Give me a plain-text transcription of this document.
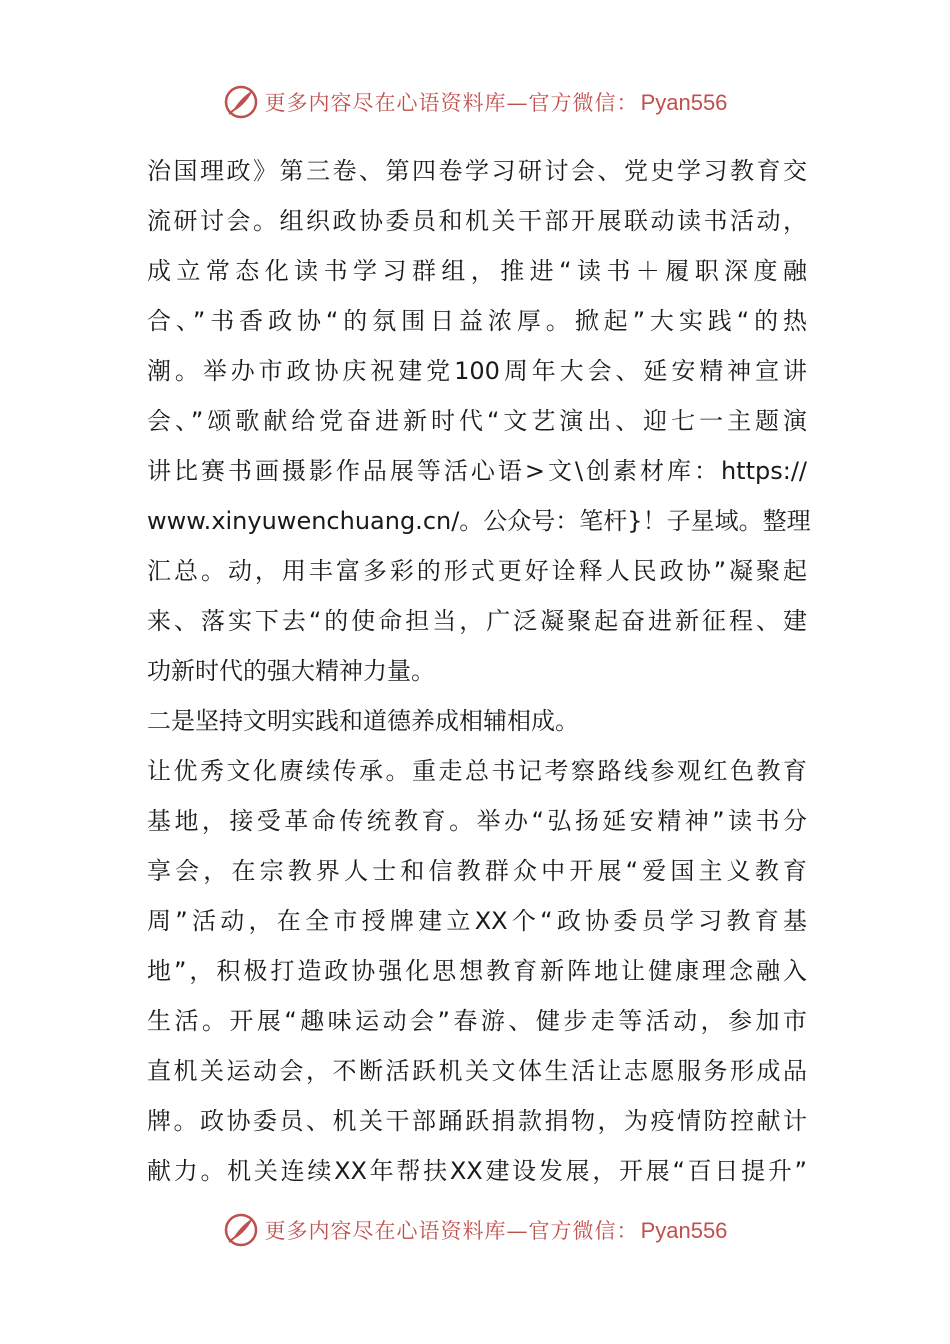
更多内容尽在心语资料库—官方微信：Pyan556
治国理政》第三卷、第四卷学习研讨会、党史学习教育交
流研讨会。组织政协委员和机关干部开展联动读书活动，
成立常态化读书学习群组，推进“读书＋履职深度融
合、”书香政协“的氛围日益浓厚。掀起”大实践“的热
潮。举办市政协庆祝建党100周年大会、延安精神宣讲
会、”颂歌献给党奋进新时代“文艺演出、迎七一主题演
讲比赛书画摄影作品展等活心语>文\创素材库：https://
www.xinyuwenchuang.cn/。公众号：笔杆}！子星域。整理
汇总。动，用丰富多彩的形式更好诠释人民政协”凝聚起
来、落实下去“的使命担当，广泛凝聚起奋进新征程、建
功新时代的强大精神力量。
二是坚持文明实践和道德养成相辅相成。
让优秀文化赓续传承。重走总书记考察路线参观红色教育
基地，接受革命传统教育。举办“弘扬延安精神”读书分
享会，在宗教界人士和信教群众中开展“爱国主义教育
周”活动，在全市授牌建立XX个“政协委员学习教育基
地”，积极打造政协强化思想教育新阵地让健康理念融入
生活。开展“趣味运动会”春游、健步走等活动，参加市
直机关运动会，不断活跃机关文体生活让志愿服务形成品
牌。政协委员、机关干部踊跃捐款捐物，为疫情防控献计
献力。机关连续XX年帮扶XX建设发展，开展“百日提升”
更多内容尽在心语资料库—官方微信：Pyan556
